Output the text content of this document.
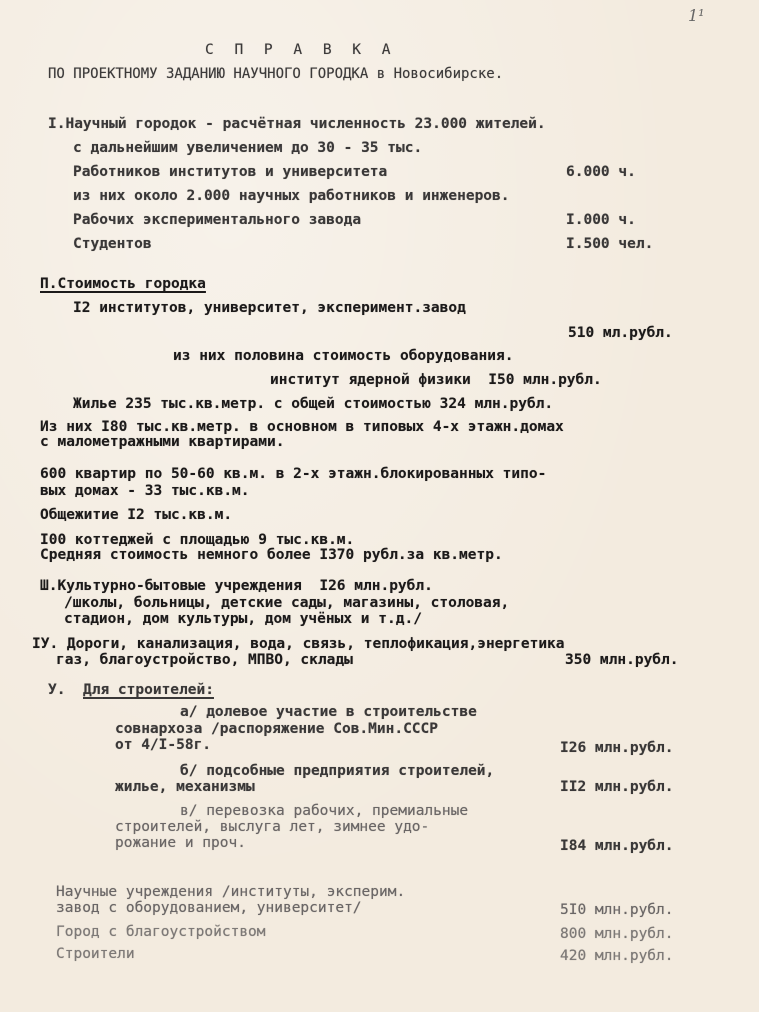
1¹
С П Р А В К А
ПО ПРОЕКТНОМУ ЗАДАНИЮ НАУЧНОГО ГОРОДКА в Новосибирске.
I.Научный городок - расчётная численность 23.000 жителей.
с дальнейшим увеличением до 30 - 35 тыс.
Работников институтов и университета	6.000 ч.
из них около 2.000 научных работников и инженеров.
Рабочих экспериментального завода	I.000 ч.
Студентов	I.500 чел.
П.Стоимость городка
I2 институтов, университет, эксперимент.завод
510 мл.рубл.
из них половина стоимость оборудования.
институт ядерной физики  I50 млн.рубл.
Жилье 235 тыс.кв.метр. с общей стоимостью 324 млн.рубл.
Из них I80 тыс.кв.метр. в основном в типовых 4-х этажн.домах
с малометражными квартирами.
600 квартир по 50-60 кв.м. в 2-х этажн.блокированных типо-
вых домах - 33 тыс.кв.м.
Общежитие I2 тыс.кв.м.
I00 коттеджей с площадью 9 тыс.кв.м.
Средняя стоимость немного более I370 рубл.за кв.метр.
Ш.Культурно-бытовые учреждения  I26 млн.рубл.
/школы, больницы, детские сады, магазины, столовая,
стадион, дом культуры, дом учёных и т.д./
IУ. Дороги, канализация, вода, связь, теплофикация,энергетика
газ, благоустройство, МПВО, склады	350 млн.рубл.
У. Для строителей:
а/ долевое участие в строительстве
совнархоза /распоряжение Сов.Мин.СССР
от 4/I-58г.	I26 млн.рубл.
б/ подсобные предприятия строителей,
жилье, механизмы	II2 млн.рубл.
в/ перевозка рабочих, премиальные
строителей, выслуга лет, зимнее удо-
рожание и проч.	I84 млн.рубл.
Научные учреждения /институты, эксперим.
завод с оборудованием, университет/	5I0 млн.рубл.
Город с благоустройством	800 млн.рубл.
Строители	420 млн.рубл.
